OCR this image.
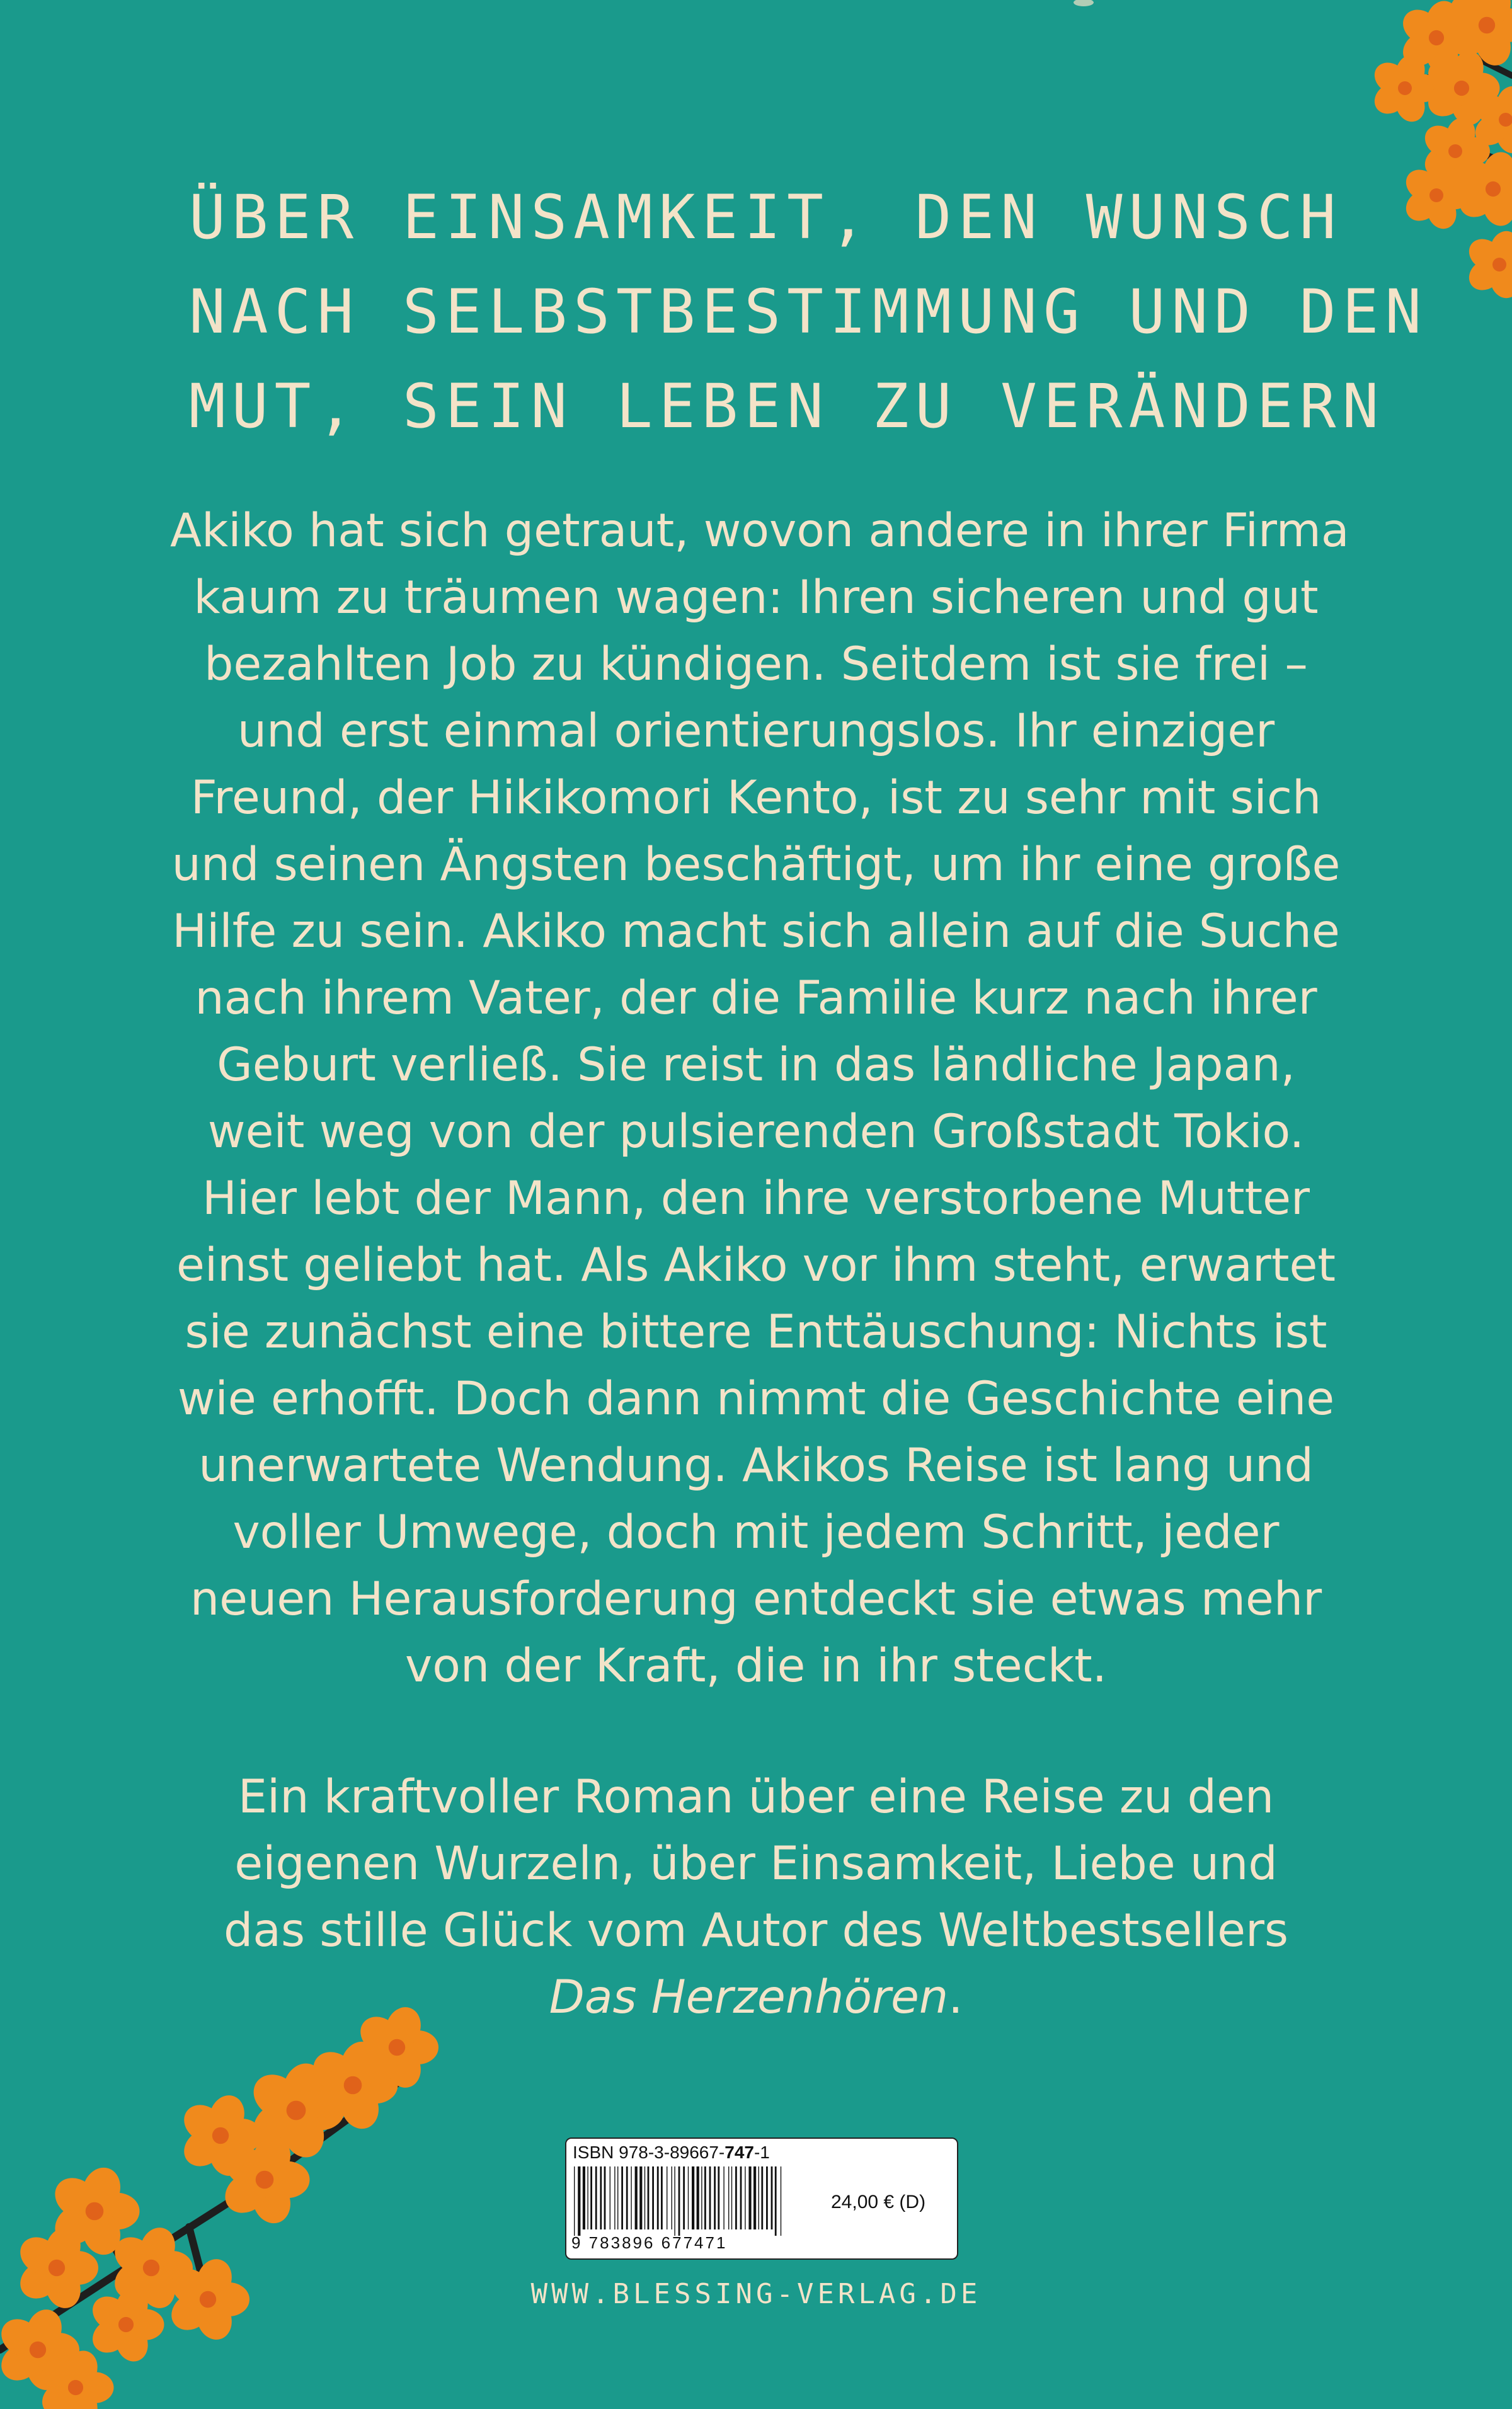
ÜBER EINSAMKEIT, DEN WUNSCH
NACH SELBSTBESTIMMUNG UND DEN
MUT, SEIN LEBEN ZU VERÄNDERN
Akiko hat sich getraut, wovon andere in ihrer Firma
kaum zu träumen wagen: Ihren sicheren und gut
bezahlten Job zu kündigen. Seitdem ist sie frei –
und erst einmal orientierungslos. Ihr einziger
Freund, der Hikikomori Kento, ist zu sehr mit sich
und seinen Ängsten beschäftigt, um ihr eine große
Hilfe zu sein. Akiko macht sich allein auf die Suche
nach ihrem Vater, der die Familie kurz nach ihrer
Geburt verließ. Sie reist in das ländliche Japan,
weit weg von der pulsierenden Großstadt Tokio.
Hier lebt der Mann, den ihre verstorbene Mutter
einst geliebt hat. Als Akiko vor ihm steht, erwartet
sie zunächst eine bittere Enttäuschung: Nichts ist
wie erhofft. Doch dann nimmt die Geschichte eine
unerwartete Wendung. Akikos Reise ist lang und
voller Umwege, doch mit jedem Schritt, jeder
neuen Herausforderung entdeckt sie etwas mehr
von der Kraft, die in ihr steckt.
Ein kraftvoller Roman über eine Reise zu den
eigenen Wurzeln, über Einsamkeit, Liebe und
das stille Glück vom Autor des Weltbestsellers
Das Herzenhören.
ISBN 978-3-89667-747-1
24,00 € (D)
9 783896 677471
WWW.BLESSING-VERLAG.DE
